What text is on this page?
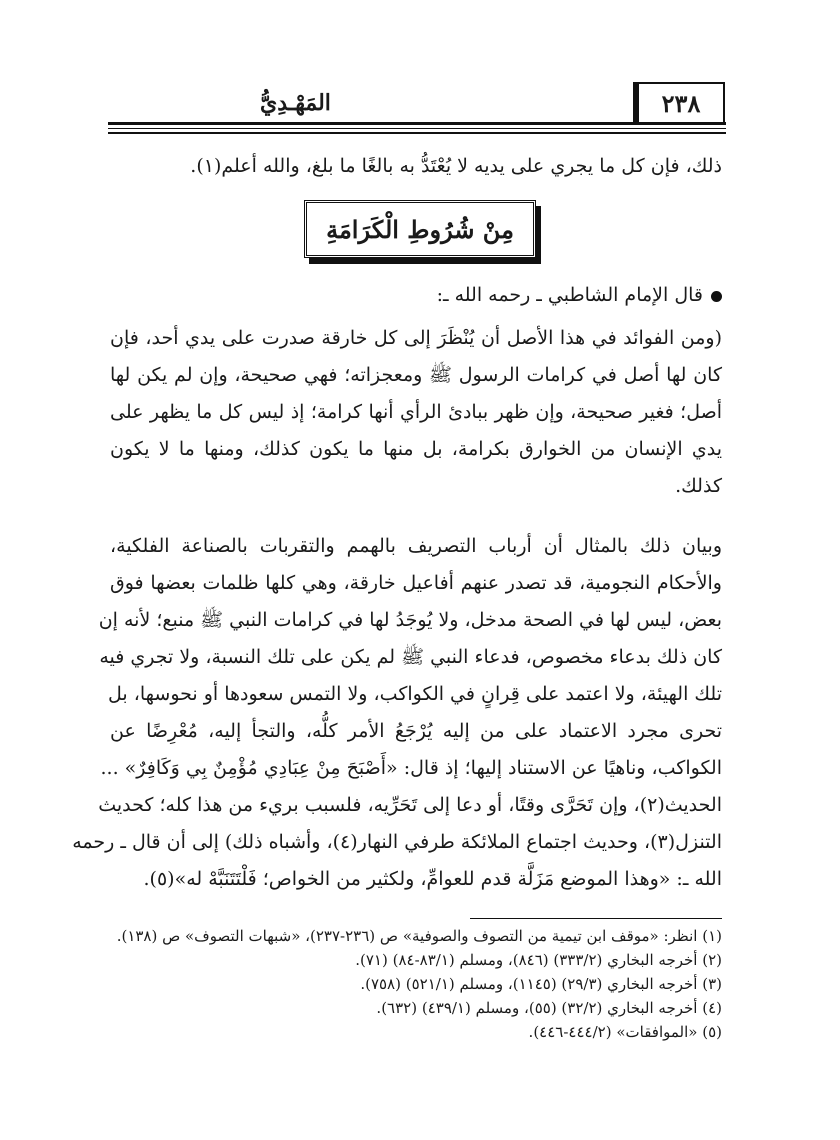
المَهْـدِيُّ	٢٣٨
ذلك، فإن كل ما يجري على يديه لا يُعْتَدُّ به بالغًا ما بلغ، والله أعلم(١).
مِنْ شُرُوطِ الْكَرَامَةِ
قال الإمام الشاطبي ـ رحمه الله ـ:
(ومن الفوائد في هذا الأصل أن يُنْظَرَ إلى كل خارقة صدرت على يدي أحد، فإن
كان لها أصل في كرامات الرسول ﷺ ومعجزاته؛ فهي صحيحة، وإن لم يكن لها
أصل؛ فغير صحيحة، وإن ظهر ببادئ الرأي أنها كرامة؛ إذ ليس كل ما يظهر على
يدي الإنسان من الخوارق بكرامة، بل منها ما يكون كذلك، ومنها ما لا يكون
كذلك.
وبيان ذلك بالمثال أن أرباب التصريف بالهمم والتقربات بالصناعة الفلكية،
والأحكام النجومية، قد تصدر عنهم أفاعيل خارقة، وهي كلها ظلمات بعضها فوق
بعض، ليس لها في الصحة مدخل، ولا يُوجَدُ لها في كرامات النبي ﷺ منبع؛ لأنه إن
كان ذلك بدعاء مخصوص، فدعاء النبي ﷺ لم يكن على تلك النسبة، ولا تجري فيه
تلك الهيئة، ولا اعتمد على قِرانٍ في الكواكب، ولا التمس سعودها أو نحوسها، بل
تحرى مجرد الاعتماد على من إليه يُرْجَعُ الأمر كلُّه، والتجأ إليه، مُعْرِضًا عن
الكواكب، وناهيًا عن الاستناد إليها؛ إذ قال: «أَصْبَحَ مِنْ عِبَادِي مُؤْمِنٌ بِي وَكَافِرٌ» ...
الحديث(٢)، وإن تَحَرَّى وقتًا، أو دعا إلى تَحَرِّيه، فلسبب بريء من هذا كله؛ كحديث
التنزل(٣)، وحديث اجتماع الملائكة طرفي النهار(٤)، وأشباه ذلك) إلى أن قال ـ رحمه
الله ـ: «وهذا الموضع مَزَلَّة قدم للعوامِّ، ولكثير من الخواص؛ فَلْتَتَنَبَّهْ له»(٥).
(١) انظر: «موقف ابن تيمية من التصوف والصوفية» ص (٢٣٦-٢٣٧)، «شبهات التصوف» ص (١٣٨).
(٢) أخرجه البخاري (٣٣٣/٢) (٨٤٦)، ومسلم (٨٣/١-٨٤) (٧١).
(٣) أخرجه البخاري (٢٩/٣) (١١٤٥)، ومسلم (٥٢١/١) (٧٥٨).
(٤) أخرجه البخاري (٣٢/٢) (٥٥)، ومسلم (٤٣٩/١) (٦٣٢).
(٥) «الموافقات» (٤٤٤/٢-٤٤٦).
